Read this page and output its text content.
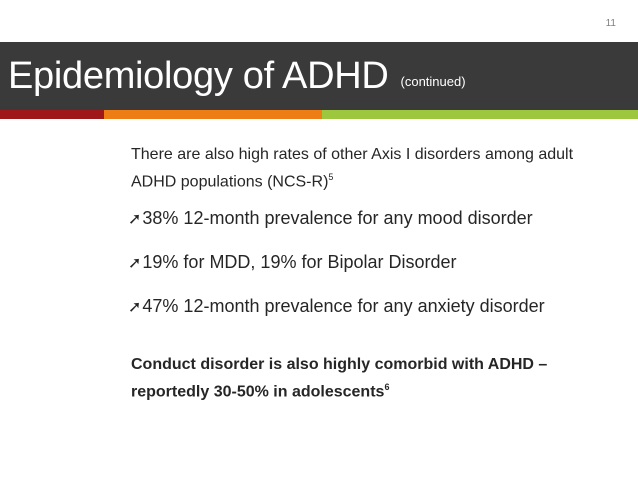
11
Epidemiology of ADHD (continued)

There are also high rates of other Axis I disorders among adult ADHD populations $(NCS-R)^5$

➚38% 12-month prevalence for any mood disorder

➚19% for MDD, 19% for Bipolar Disorder

➚47% 12-month prevalence for any anxiety disorder

Conduct disorder is also highly comorbid with ADHD – reportedly 30-50% in adolescents$^6$
